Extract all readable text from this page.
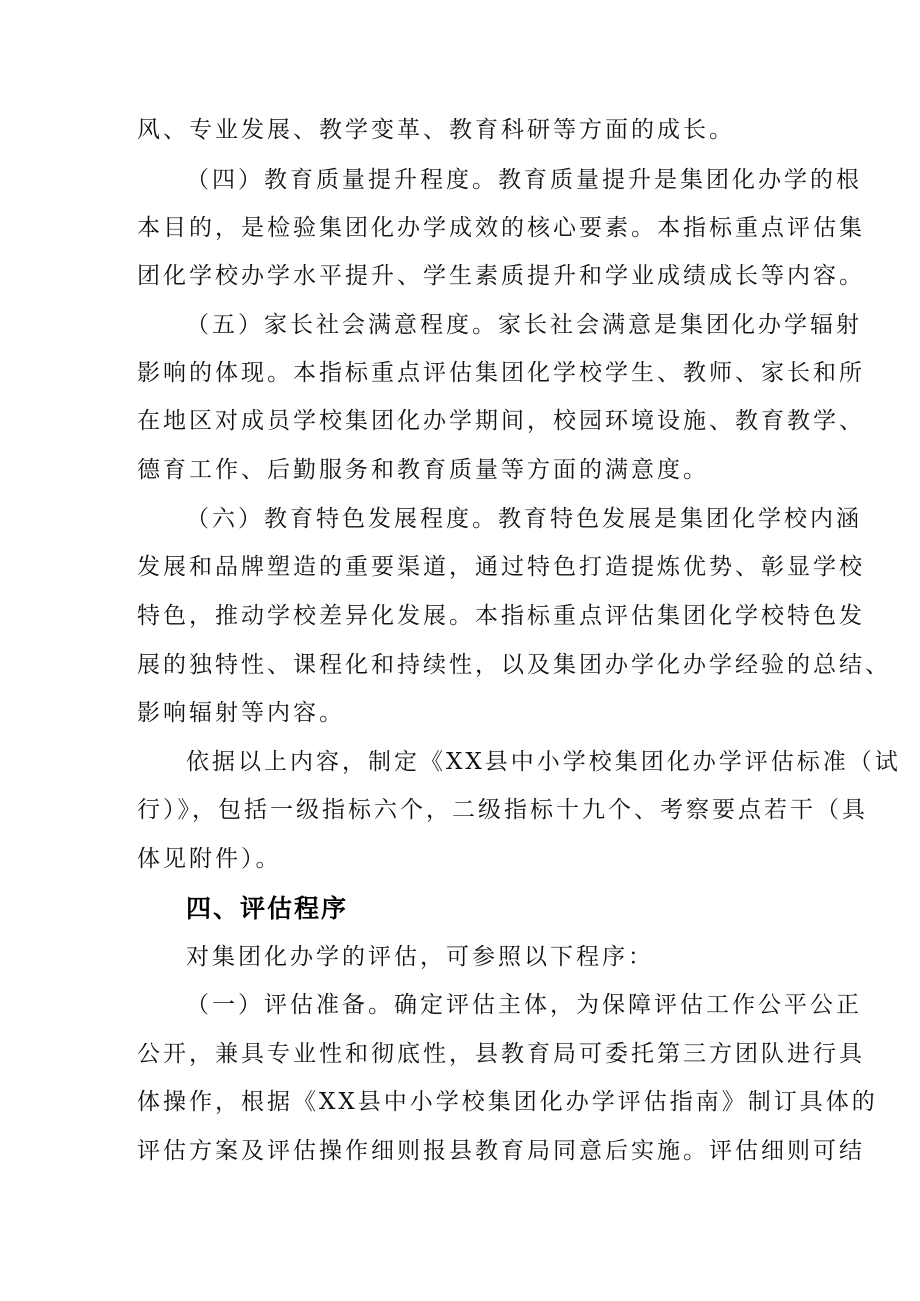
风、专业发展、教学变革、教育科研等方面的成长。
（四）教育质量提升程度。教育质量提升是集团化办学的根
本目的，是检验集团化办学成效的核心要素。本指标重点评估集
团化学校办学水平提升、学生素质提升和学业成绩成长等内容。
（五）家长社会满意程度。家长社会满意是集团化办学辐射
影响的体现。本指标重点评估集团化学校学生、教师、家长和所
在地区对成员学校集团化办学期间，校园环境设施、教育教学、
德育工作、后勤服务和教育质量等方面的满意度。
（六）教育特色发展程度。教育特色发展是集团化学校内涵
发展和品牌塑造的重要渠道，通过特色打造提炼优势、彰显学校
特色，推动学校差异化发展。本指标重点评估集团化学校特色发
展的独特性、课程化和持续性，以及集团办学化办学经验的总结、
影响辐射等内容。
依据以上内容，制定《XX县中小学校集团化办学评估标准（试
行）》，包括一级指标六个，二级指标十九个、考察要点若干（具
体见附件）。
四、评估程序
对集团化办学的评估，可参照以下程序：
（一）评估准备。确定评估主体，为保障评估工作公平公正
公开，兼具专业性和彻底性，县教育局可委托第三方团队进行具
体操作，根据《XX县中小学校集团化办学评估指南》制订具体的
评估方案及评估操作细则报县教育局同意后实施。评估细则可结
